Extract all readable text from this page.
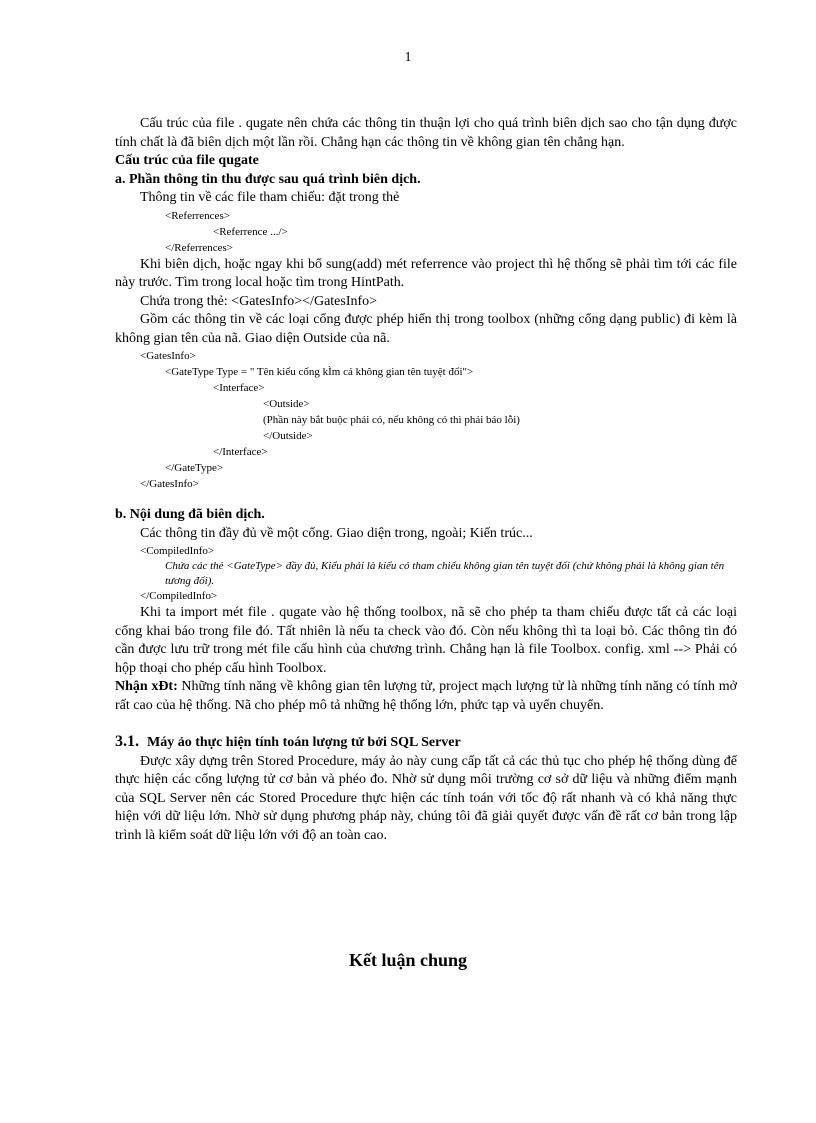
1

Cấu trúc của file . qugate nên chứa các thông tin thuận lợi cho quá trình biên dịch sao cho tận dụng được tính chất là đã biên dịch một lần rồi. Chẳng hạn các thông tin về không gian tên chẳng hạn.

Cấu trúc của file qugate

a. Phần thông tin thu được sau quá trình biên dịch.

Thông tin về các file tham chiếu: đặt trong thẻ

<Referrences>

<Referrence .../>

</Referrences>

Khi biên dịch, hoặc ngay khi bổ sung(add) mét referrence vào project thì hệ thống sẽ phải tìm tới các file này trước. Tìm trong local hoặc tìm trong HintPath.

Chứa trong thẻ: <GatesInfo></GatesInfo>

Gồm các thông tin về các loại cổng được phép hiển thị trong toolbox (những cổng dạng public) đi kèm là không gian tên của nã. Giao diện Outside của nã.

<GatesInfo>

<GateType Type = " Tên kiểu cổng kÌm cả không gian tên tuyệt đối">

<Interface>

<Outside>

(Phần này bắt buộc phải có, nếu không có thì phải báo lỗi)

</Outside>

</Interface>

</GateType>

</GatesInfo>

b. Nội dung đã biên dịch.

Các thông tin đầy đủ về một cổng. Giao diện trong, ngoài; Kiến trúc...

<CompiledInfo>

Chứa các thẻ <GateType> đầy đủ, Kiểu phải là kiểu có tham chiếu không gian tên tuyệt đối (chứ không phải là không gian tên tương đối).

</CompiledInfo>

Khi ta import mét file . qugate vào hệ thống toolbox, nã sẽ cho phép ta tham chiếu được tất cả các loại cổng khai báo trong file đó. Tất nhiên là nếu ta check vào đó. Còn nếu không thì ta loại bỏ. Các thông tin đó cần được lưu trữ trong mét file cấu hình của chương trình. Chẳng hạn là file Toolbox. config. xml --> Phải có hộp thoại cho phép cấu hình Toolbox.

Nhận xÐt: Những tính năng về không gian tên lượng tử, project mạch lượng tử là những tính năng có tính mở rất cao của hệ thống. Nã cho phép mô tả những hệ thống lớn, phức tạp và uyển chuyển.

3.1. Máy ảo thực hiện tính toán lượng tử bởi SQL Server

Được xây dựng trên Stored Procedure, máy ảo này cung cấp tất cả các thủ tục cho phép hệ thống dùng để thực hiện các cổng lượng tử cơ bản và phéo đo. Nhờ sử dụng môi trường cơ sở dữ liệu và những điểm mạnh của SQL Server nên các Stored Procedure thực hiện các tính toán với tốc độ rất nhanh và có khả năng thực hiện với dữ liệu lớn. Nhờ sử dụng phương pháp này, chúng tôi đã giải quyết được vấn đề rất cơ bản trong lập trình là kiểm soát dữ liệu lớn với độ an toàn cao.

Kết luận chung
